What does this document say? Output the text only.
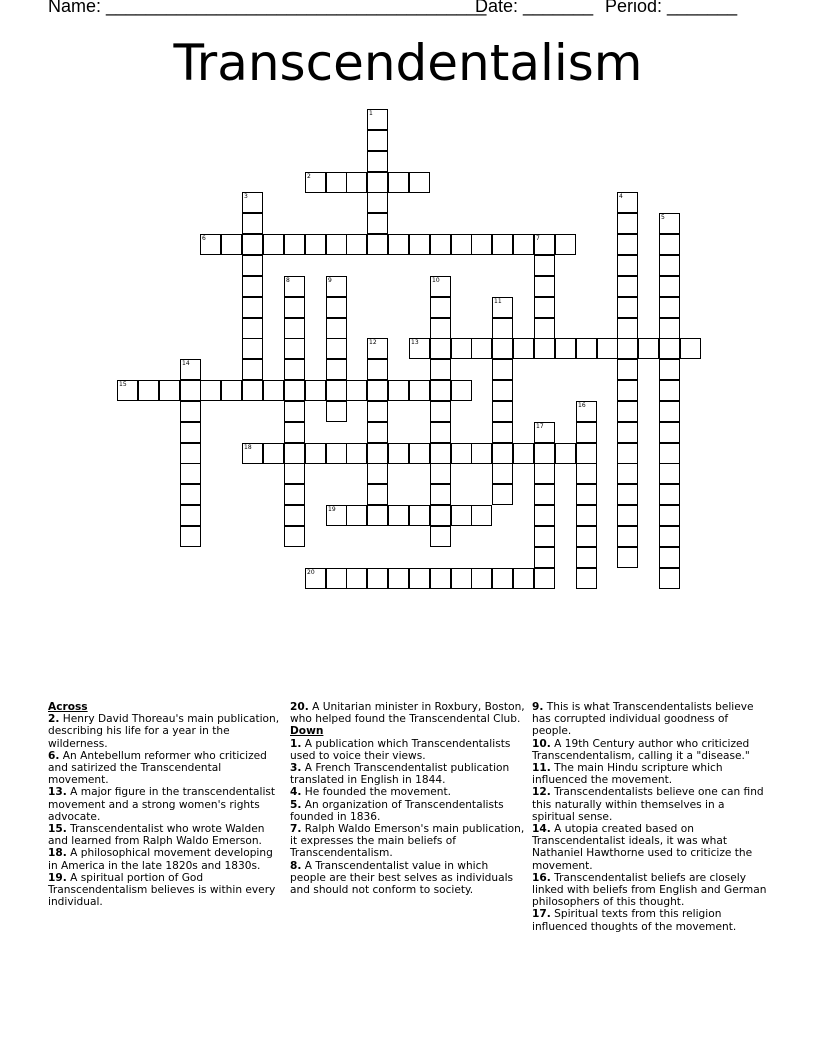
Name: ______________________________________
Date: _______ Period: _______
Transcendentalism
1
2
3	4
5
6	7
8	9	10
11
12	13
14
15
16
17
18
19
20
Across
2. Henry David Thoreau's main publication, describing his life for a year in the wilderness.
6. An Antebellum reformer who criticized and satirized the Transcendental movement.
13. A major figure in the transcendentalist movement and a strong women's rights advocate.
15. Transcendentalist who wrote Walden and learned from Ralph Waldo Emerson.
18. A philosophical movement developing in America in the late 1820s and 1830s.
19. A spiritual portion of God Transcendentalism believes is within every individual.
20. A Unitarian minister in Roxbury, Boston, who helped found the Transcendental Club.
Down
1. A publication which Transcendentalists used to voice their views.
3. A French Transcendentalist publication translated in English in 1844.
4. He founded the movement.
5. An organization of Transcendentalists founded in 1836.
7. Ralph Waldo Emerson's main publication, it expresses the main beliefs of Transcendentalism.
8. A Transcendentalist value in which people are their best selves as individuals and should not conform to society.
9. This is what Transcendentalists believe has corrupted individual goodness of people.
10. A 19th Century author who criticized Transcendentalism, calling it a "disease."
11. The main Hindu scripture which influenced the movement.
12. Transcendentalists believe one can find this naturally within themselves in a spiritual sense.
14. A utopia created based on Transcendentalist ideals, it was what Nathaniel Hawthorne used to criticize the movement.
16. Transcendentalist beliefs are closely linked with beliefs from English and German philosophers of this thought.
17. Spiritual texts from this religion influenced thoughts of the movement.
